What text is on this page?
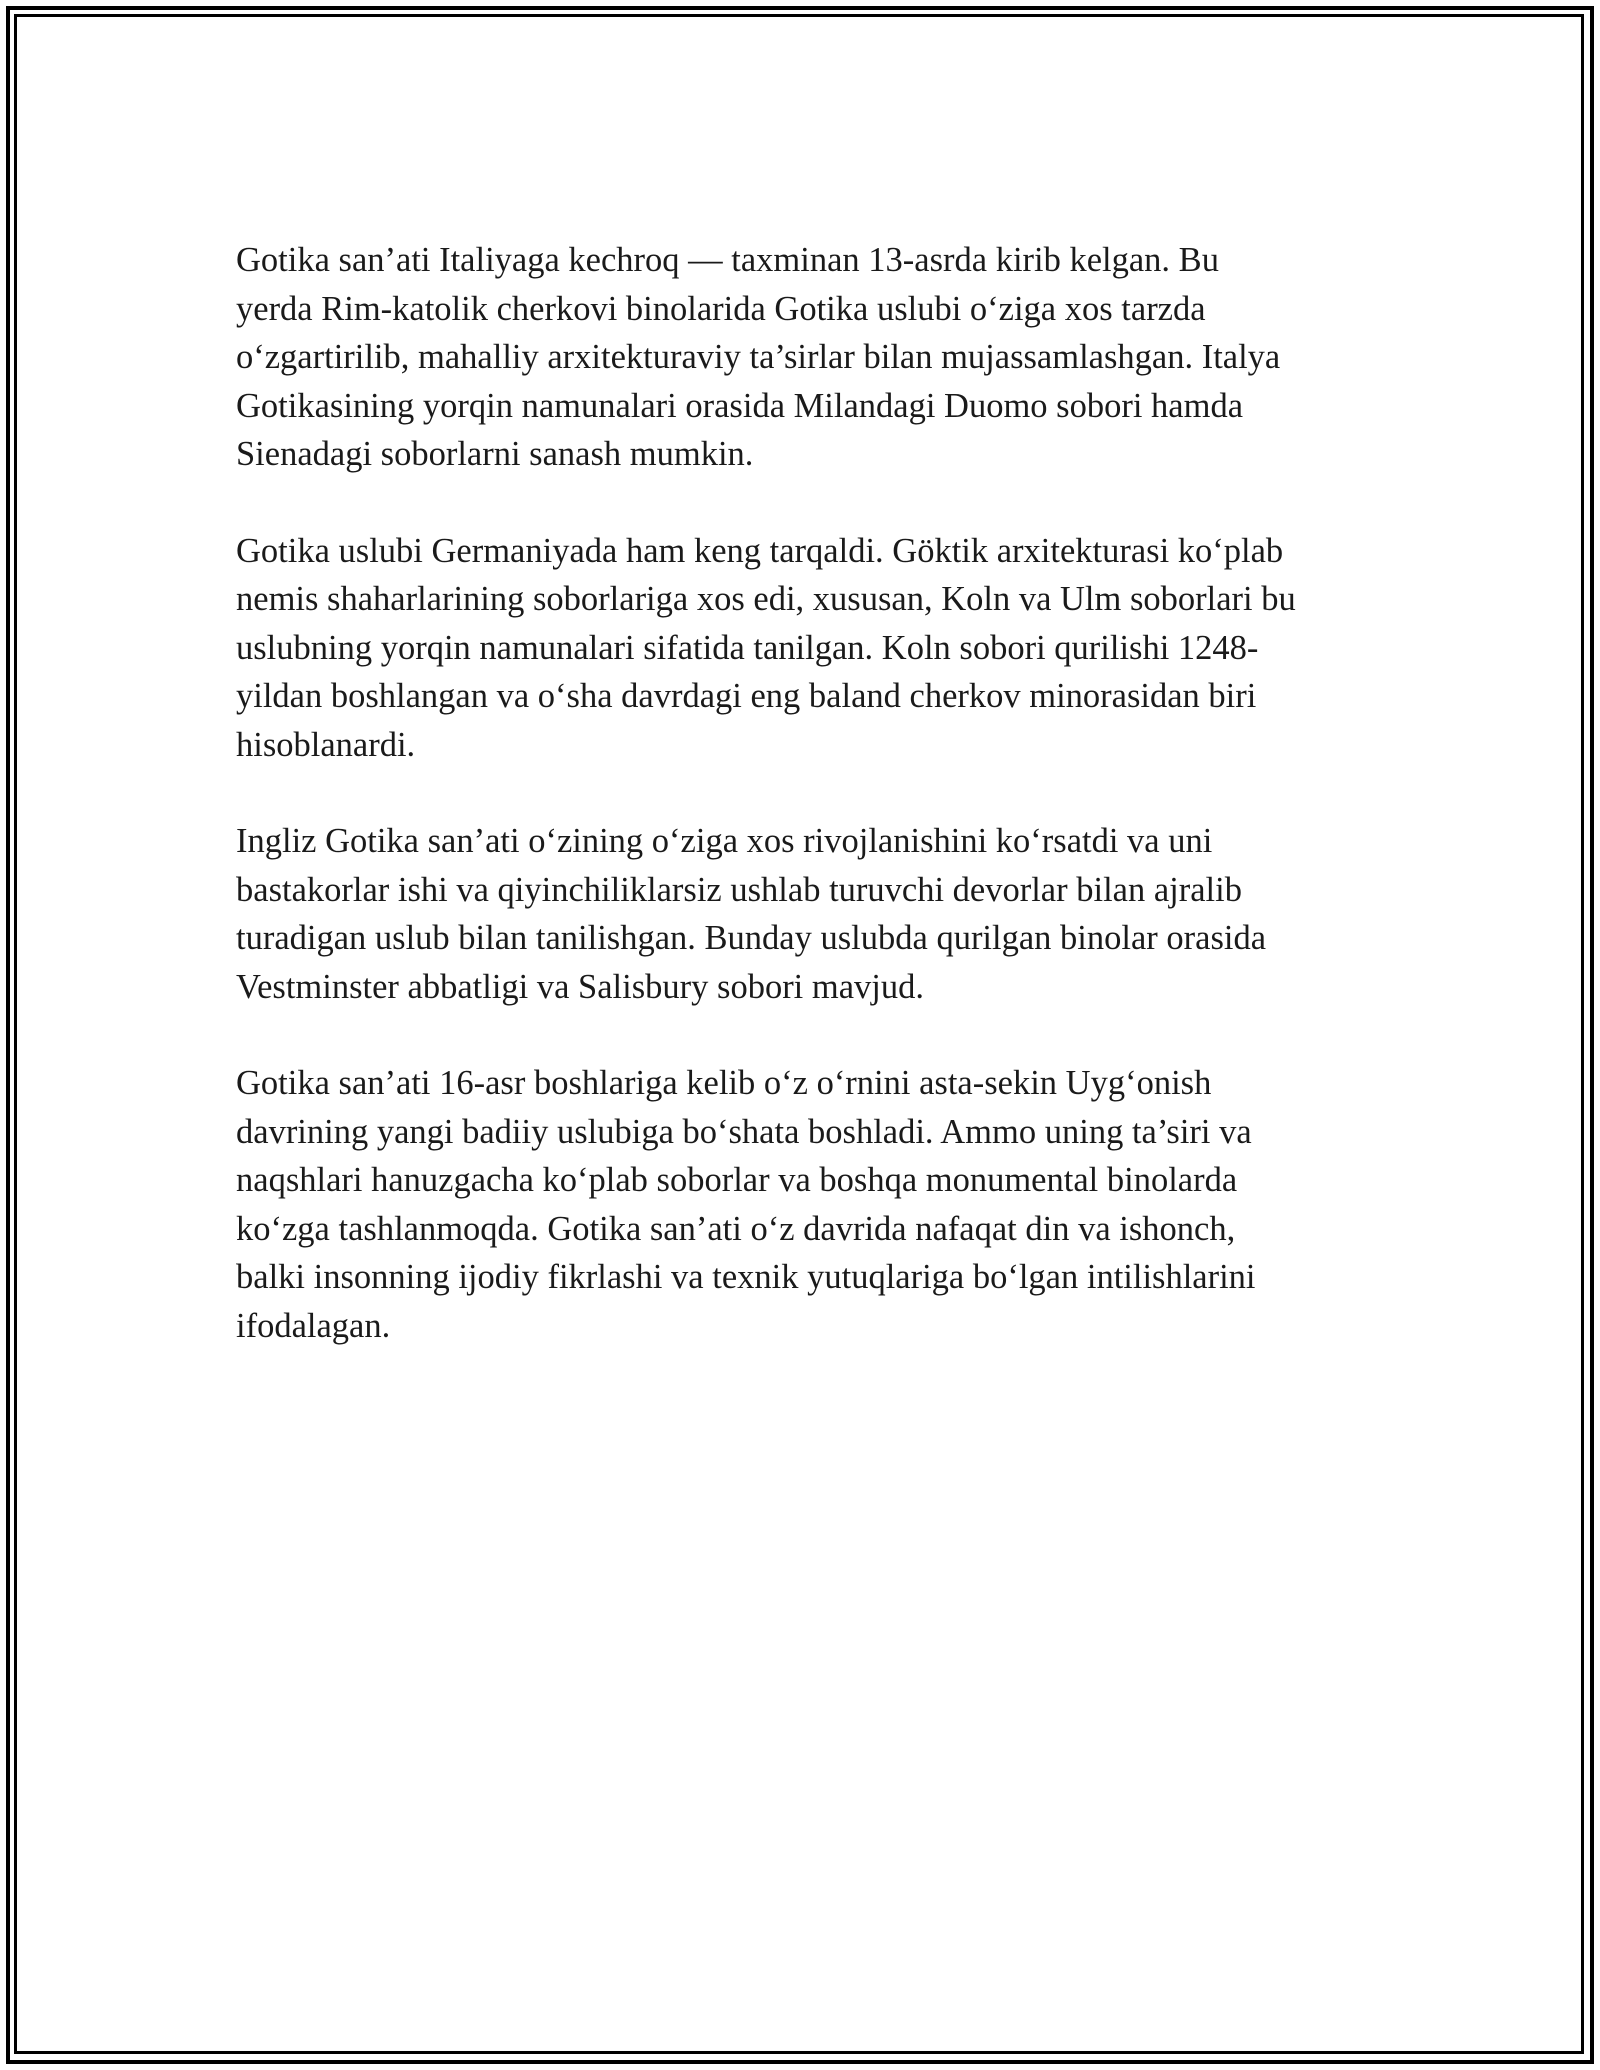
Gotika san’ati Italiyaga kechroq — taxminan 13-asrda kirib kelgan. Bu
yerda Rim-katolik cherkovi binolarida Gotika uslubi o‘ziga xos tarzda
o‘zgartirilib, mahalliy arxitekturaviy ta’sirlar bilan mujassamlashgan. Italya
Gotikasining yorqin namunalari orasida Milandagi Duomo sobori hamda
Sienadagi soborlarni sanash mumkin.

Gotika uslubi Germaniyada ham keng tarqaldi. Göktik arxitekturasi ko‘plab
nemis shaharlarining soborlariga xos edi, xususan, Koln va Ulm soborlari bu
uslubning yorqin namunalari sifatida tanilgan. Koln sobori qurilishi 1248-
yildan boshlangan va o‘sha davrdagi eng baland cherkov minorasidan biri
hisoblanardi.

Ingliz Gotika san’ati o‘zining o‘ziga xos rivojlanishini ko‘rsatdi va uni
bastakorlar ishi va qiyinchiliklarsiz ushlab turuvchi devorlar bilan ajralib
turadigan uslub bilan tanilishgan. Bunday uslubda qurilgan binolar orasida
Vestminster abbatligi va Salisbury sobori mavjud.

Gotika san’ati 16-asr boshlariga kelib o‘z o‘rnini asta-sekin Uyg‘onish
davrining yangi badiiy uslubiga bo‘shata boshladi. Ammo uning ta’siri va
naqshlari hanuzgacha ko‘plab soborlar va boshqa monumental binolarda
ko‘zga tashlanmoqda. Gotika san’ati o‘z davrida nafaqat din va ishonch,
balki insonning ijodiy fikrlashi va texnik yutuqlariga bo‘lgan intilishlarini
ifodalagan.
